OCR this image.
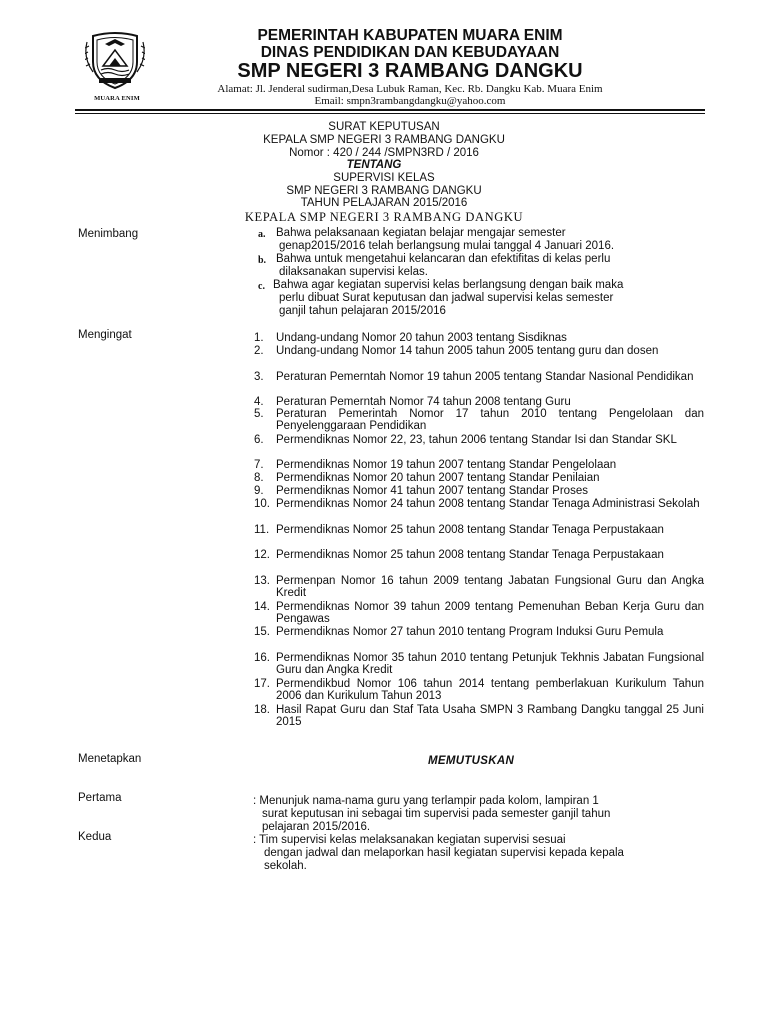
MUARA ENIM
PEMERINTAH KABUPATEN MUARA ENIM
DINAS PENDIDIKAN DAN KEBUDAYAAN
SMP NEGERI 3 RAMBANG DANGKU
Alamat: Jl. Jenderal sudirman,Desa Lubuk Raman, Kec. Rb. Dangku Kab. Muara Enim
Email: smpn3rambangdangku@yahoo.com
SURAT KEPUTUSAN
KEPALA SMP NEGERI 3 RAMBANG DANGKU
Nomor : 420 / 244 /SMPN3RD / 2016
TENTANG
SUPERVISI KELAS
SMP NEGERI 3 RAMBANG DANGKU
TAHUN PELAJARAN 2015/2016
KEPALA SMP NEGERI 3 RAMBANG DANGKU
Menimbang	a. Bahwa pelaksanaan kegiatan belajar mengajar semester
genap2015/2016 telah berlangsung mulai tanggal 4 Januari 2016.
b. Bahwa untuk mengetahui kelancaran dan efektifitas di kelas perlu
dilaksanakan supervisi kelas.
c. Bahwa agar kegiatan supervisi kelas berlangsung dengan baik maka
perlu dibuat Surat keputusan dan jadwal supervisi kelas semester
ganjil tahun pelajaran 2015/2016
Mengingat	1.	Undang-undang Nomor 20 tahun 2003 tentang Sisdiknas
2.	Undang-undang Nomor 14 tahun 2005 tahun 2005 tentang guru dan dosen
3.	Peraturan Pemerntah Nomor 19 tahun 2005 tentang Standar Nasional Pendidikan
4.	Peraturan Pemerntah Nomor 74 tahun 2008 tentang Guru
5.	Peraturan Pemerintah Nomor 17 tahun 2010 tentang Pengelolaan dan Penyelenggaraan Pendidikan
6.	Permendiknas Nomor 22, 23, tahun 2006 tentang Standar Isi dan Standar SKL
7.	Permendiknas Nomor 19 tahun 2007 tentang Standar Pengelolaan
8.	Permendiknas Nomor 20 tahun 2007 tentang Standar Penilaian
9.	Permendiknas Nomor 41 tahun 2007 tentang Standar Proses
10. Permendiknas Nomor 24 tahun 2008 tentang Standar Tenaga Administrasi Sekolah
11. Permendiknas Nomor 25 tahun 2008 tentang Standar Tenaga Perpustakaan
12. Permendiknas Nomor 25 tahun 2008 tentang Standar Tenaga Perpustakaan
13. Permenpan Nomor 16 tahun 2009 tentang Jabatan Fungsional Guru dan Angka Kredit
14. Permendiknas Nomor 39 tahun 2009 tentang Pemenuhan Beban Kerja Guru dan Pengawas
15. Permendiknas Nomor 27 tahun 2010 tentang Program Induksi Guru Pemula
16. Permendiknas Nomor 35 tahun 2010 tentang Petunjuk Tekhnis Jabatan Fungsional Guru dan Angka Kredit
17. Permendikbud Nomor 106 tahun 2014 tentang pemberlakuan Kurikulum Tahun 2006 dan Kurikulum Tahun 2013
18. Hasil Rapat Guru dan Staf Tata Usaha SMPN 3 Rambang Dangku tanggal 25 Juni 2015
Menetapkan	MEMUTUSKAN
Pertama	: Menunjuk nama-nama guru yang terlampir pada kolom, lampiran 1
surat keputusan ini sebagai tim supervisi pada semester ganjil tahun
pelajaran 2015/2016.
Kedua	: Tim supervisi kelas melaksanakan kegiatan supervisi sesuai
dengan jadwal dan melaporkan hasil kegiatan supervisi kepada kepala
sekolah.
